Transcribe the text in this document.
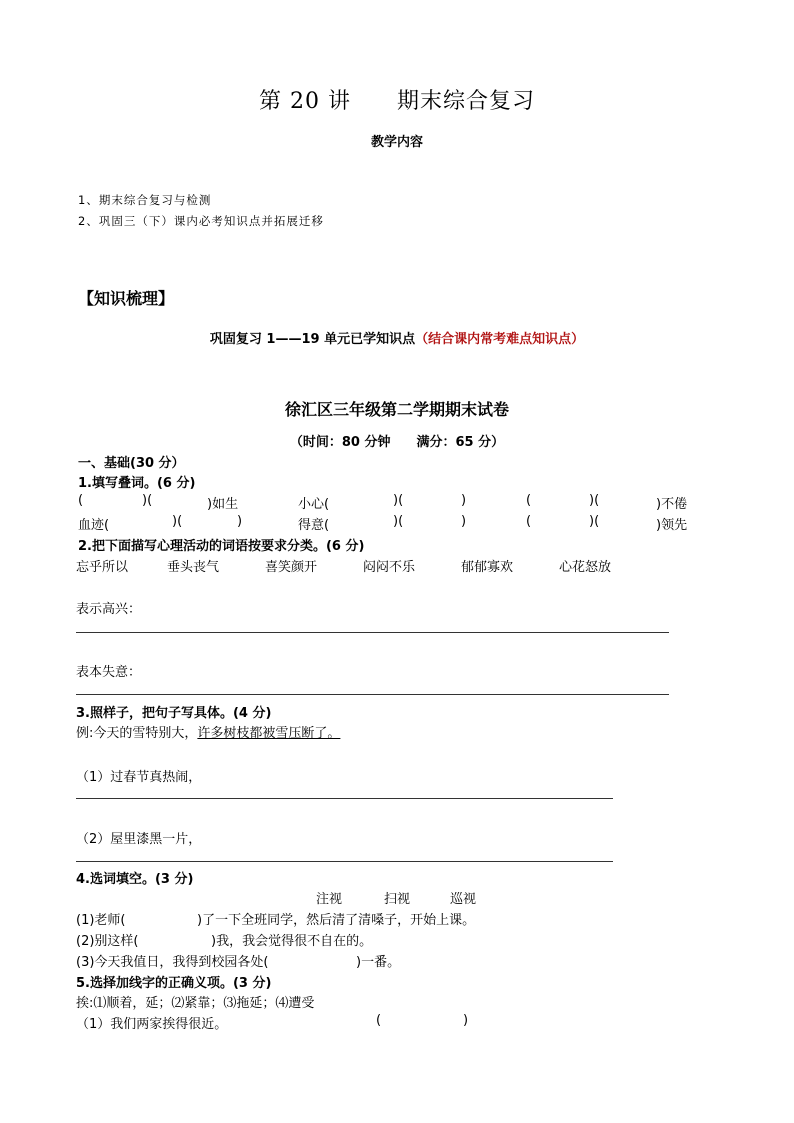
第 20 讲　　期末综合复习
教学内容
1、期末综合复习与检测
2、巩固三（下）课内必考知识点并拓展迁移
【知识梳理】
巩固复习 1——19 单元已学知识点（结合课内常考难点知识点）
徐汇区三年级第二学期期末试卷
（时间：80 分钟　　满分：65 分）
一、基础(30 分）
1.填写叠词。(6 分)
(	)(	)如生	小心(	)(	)	(	)(	)不倦
血迹(	)(	)	得意(	)(	)	(	)(	)领先
2.把下面描写心理活动的词语按要求分类。(6 分)
忘乎所以	垂头丧气	喜笑颜开	闷闷不乐	郁郁寡欢	心花怒放
表示高兴：
表本失意：
3.照样子，把句子写具体。(4 分)
例:今天的雪特别大，许多树枝都被雪压断了。
（1）过春节真热闹，
（2）屋里漆黑一片，
4.选词填空。(3 分)
注视	扫视	巡视
(1)老师(	)了一下全班同学，然后清了清嗓子，开始上课。
(2)别这样(	)我，我会觉得很不自在的。
(3)今天我值日，我得到校园各处(	)一番。
5.选择加线字的正确义项。(3 分)
挨:⑴顺着，延；⑵紧靠；⑶拖延；⑷遭受
（1）我们两家挨得很近。	(	)
